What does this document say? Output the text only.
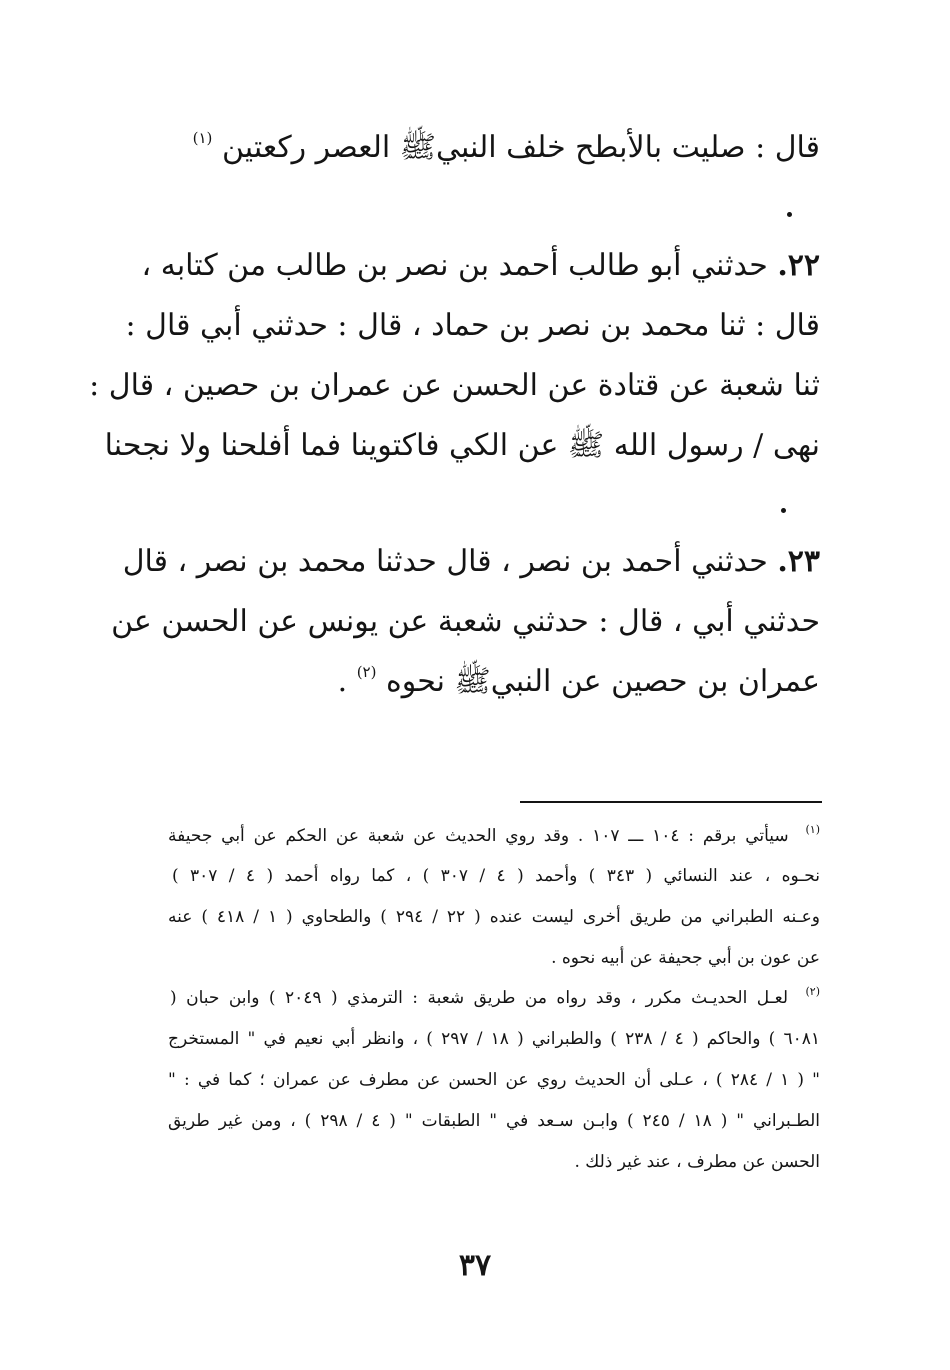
قال : صليت بالأبطح خلف النبيﷺ العصر ركعتين $^{(١)}$
٢٢. حدثني أبو طالب أحمد بن نصر بن طالب من كتابه ،
قال : ثنا محمد بن نصر بن حماد ، قال : حدثني أبي قال :
ثنا شعبة عن قتادة عن الحسن عن عمران بن حصين ، قال :
نهى / رسول الله ﷺ عن الكي فاكتوينا فما أفلحنا ولا نجحنا
٢٣. حدثني أحمد بن نصر ، قال حدثنا محمد بن نصر ، قال
حدثني أبي ، قال : حدثني شعبة عن يونس عن الحسن عن
عمران بن حصين عن النبيﷺ نحوه $^{(٢)}$ .
$^{(١)}$ سيأتي برقم : ١٠٤ ـــ ١٠٧ . وقد روي الحديث عن شعبة عن الحكم عن أبي جحيفة
نحـوه ، عند النسائي ( ٣٤٣ ) وأحمد ( ٤ / ٣٠٧ ) ، كما رواه أحمد ( ٤ / ٣٠٧ )
وعـنه الطبراني من طريق أخرى ليست عنده ( ٢٢ / ٢٩٤ ) والطحاوي ( ١ / ٤١٨ ) عنه
عن عون بن أبي جحيفة عن أبيه نحوه .
$^{(٢)}$ لعـل الحديـث مكرر ، وقد رواه من طريق شعبة : الترمذي ( ٢٠٤٩ ) وابن حبان (
٦٠٨١ ) والحاكم ( ٤ / ٢٣٨ ) والطبراني ( ١٨ / ٢٩٧ ) ، وانظر أبي نعيم في " المستخرج
" ( ١ / ٢٨٤ ) ، عـلى أن الحديث روي عن الحسن عن مطرف عن عمران ؛ كما في : "
الطـبراني " ( ١٨ / ٢٤٥ ) وابـن سـعد في " الطبقات " ( ٤ / ٢٩٨ ) ، ومن غير طريق
الحسن عن مطرف ، عند غير ذلك .
٣٧
